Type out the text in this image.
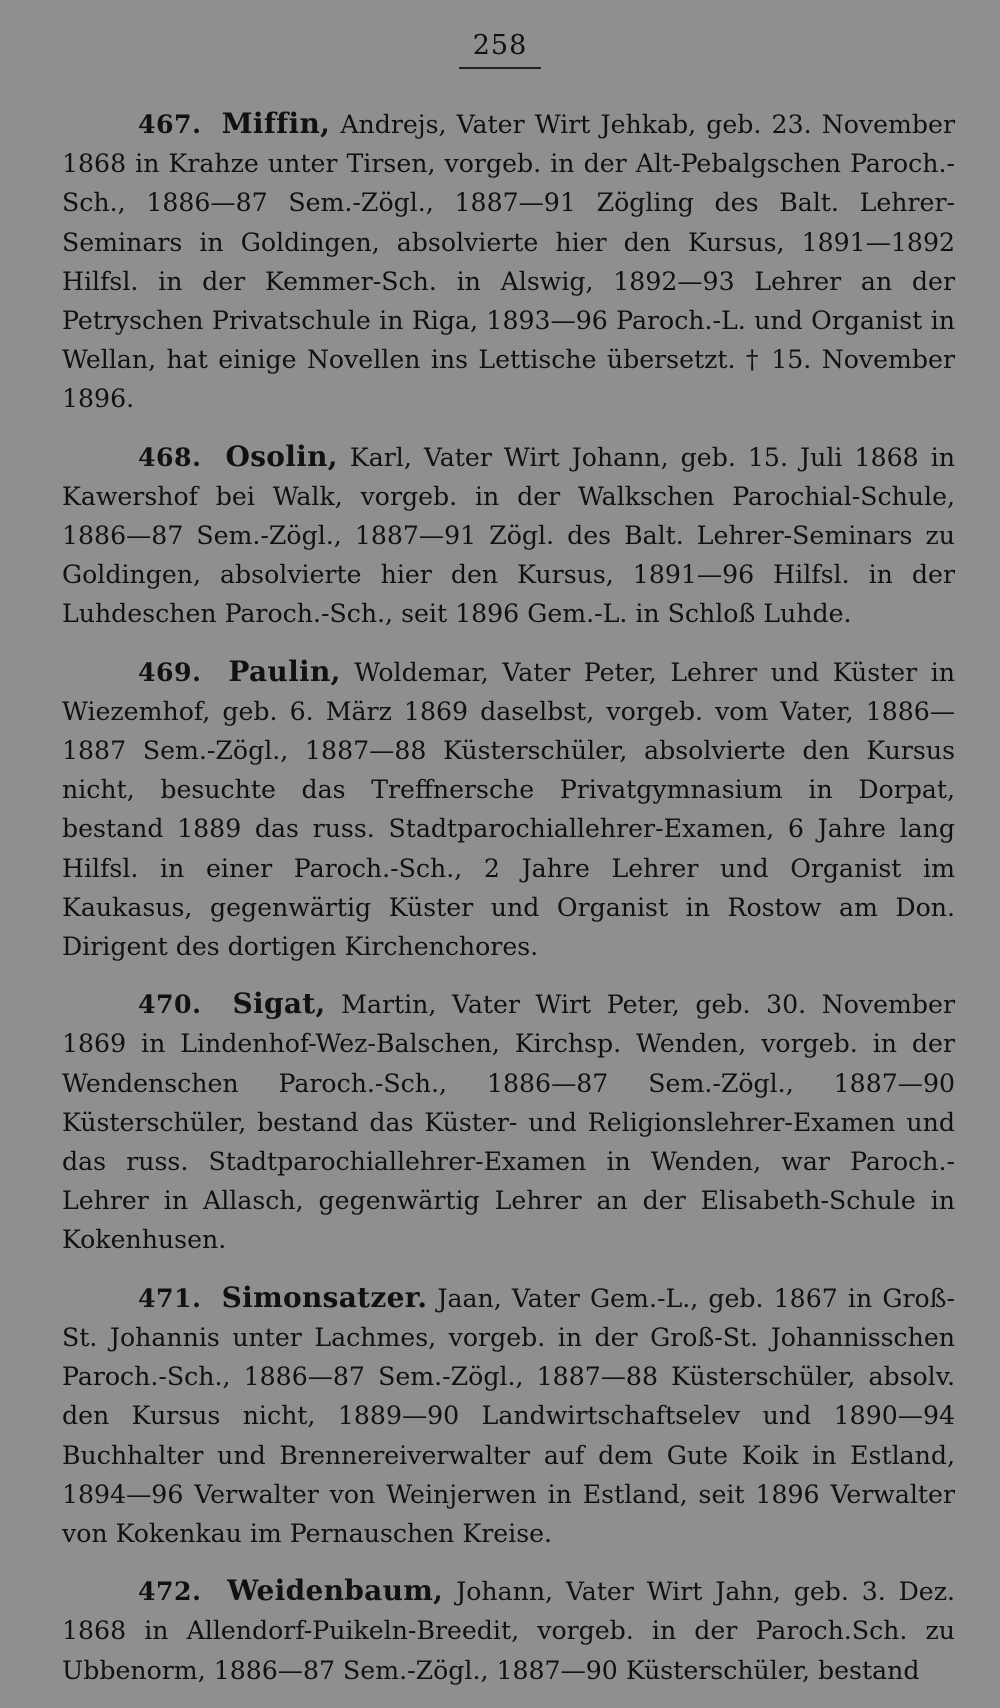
258

467. Miffin, Andrejs, Vater Wirt Jehkab, geb. 23. November 1868 in Krahze unter Tirsen, vorgeb. in der Alt-Pebalgschen Paroch.-Sch., 1886—87 Sem.-Zögl., 1887—91 Zögling des Balt. Lehrer-Seminars in Goldingen, absolvierte hier den Kursus, 1891—1892 Hilfsl. in der Kemmer-Sch. in Alswig, 1892—93 Lehrer an der Petryschen Privatschule in Riga, 1893—96 Paroch.-L. und Organist in Wellan, hat einige Novellen ins Lettische übersetzt. † 15. November 1896.

468. Osolin, Karl, Vater Wirt Johann, geb. 15. Juli 1868 in Kawershof bei Walk, vorgeb. in der Walkschen Parochial-Schule, 1886—87 Sem.-Zögl., 1887—91 Zögl. des Balt. Lehrer-Seminars zu Goldingen, absolvierte hier den Kursus, 1891—96 Hilfsl. in der Luhdeschen Paroch.-Sch., seit 1896 Gem.-L. in Schloß Luhde.

469. Paulin, Woldemar, Vater Peter, Lehrer und Küster in Wiezemhof, geb. 6. März 1869 daselbst, vorgeb. vom Vater, 1886—1887 Sem.-Zögl., 1887—88 Küsterschüler, absolvierte den Kursus nicht, besuchte das Treffnersche Privatgymnasium in Dorpat, bestand 1889 das russ. Stadtparochiallehrer-Examen, 6 Jahre lang Hilfsl. in einer Paroch.-Sch., 2 Jahre Lehrer und Organist im Kaukasus, gegenwärtig Küster und Organist in Rostow am Don. Dirigent des dortigen Kirchenchores.

470. Sigat, Martin, Vater Wirt Peter, geb. 30. November 1869 in Lindenhof-Wez-Balschen, Kirchsp. Wenden, vorgeb. in der Wendenschen Paroch.-Sch., 1886—87 Sem.-Zögl., 1887—90 Küsterschüler, bestand das Küster- und Religionslehrer-Examen und das russ. Stadtparochiallehrer-Examen in Wenden, war Paroch.-Lehrer in Allasch, gegenwärtig Lehrer an der Elisabeth-Schule in Kokenhusen.

471. Simonsatzer. Jaan, Vater Gem.-L., geb. 1867 in Groß-St. Johannis unter Lachmes, vorgeb. in der Groß-St. Johannisschen Paroch.-Sch., 1886—87 Sem.-Zögl., 1887—88 Küsterschüler, absolv. den Kursus nicht, 1889—90 Landwirtschaftselev und 1890—94 Buchhalter und Brennereiverwalter auf dem Gute Koik in Estland, 1894—96 Verwalter von Weinjerwen in Estland, seit 1896 Verwalter von Kokenkau im Pernauschen Kreise.

472. Weidenbaum, Johann, Vater Wirt Jahn, geb. 3. Dez. 1868 in Allendorf-Puikeln-Breedit, vorgeb. in der Paroch.Sch. zu Ubbenorm, 1886—87 Sem.-Zögl., 1887—90 Küsterschüler, bestand
